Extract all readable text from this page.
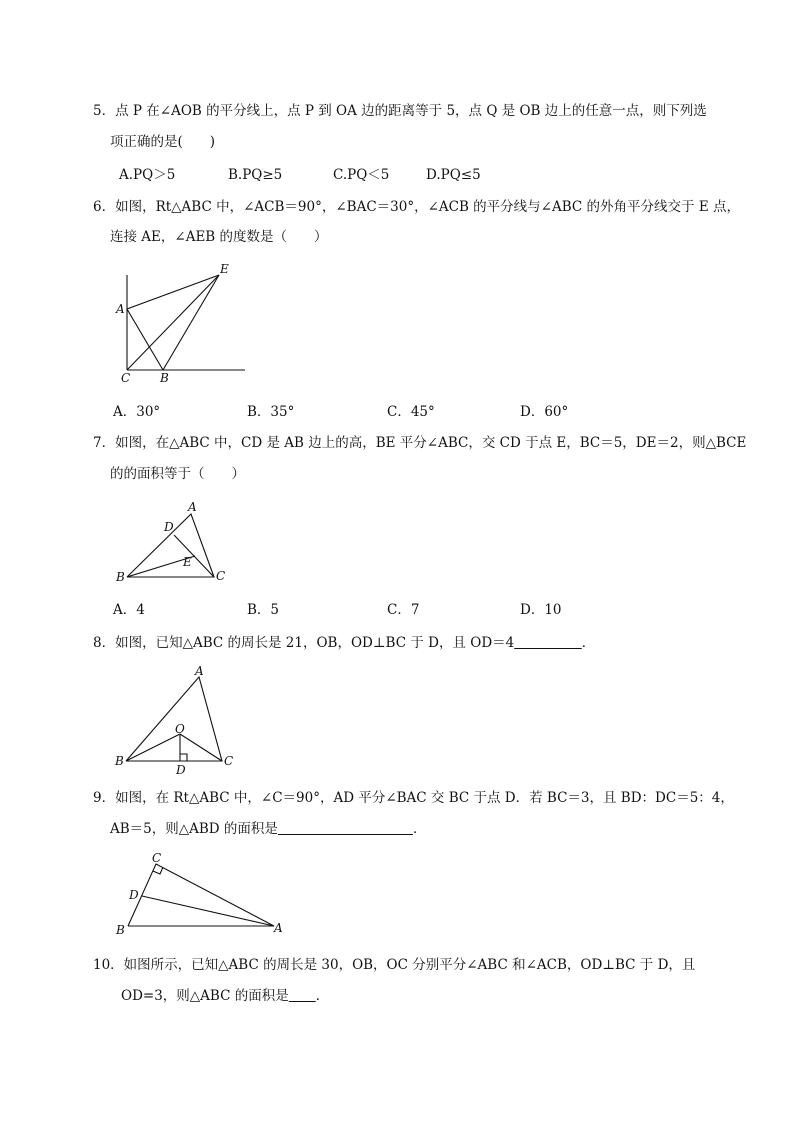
5．点 P 在∠AOB 的平分线上，点 P 到 OA 边的距离等于 5，点 Q 是 OB 边上的任意一点，则下列选
项正确的是(　　)
A.PQ＞5	B.PQ≥5	C.PQ＜5	D.PQ≤5
6．如图，Rt△ABC 中，∠ACB＝90°，∠BAC＝30°，∠ACB 的平分线与∠ABC 的外角平分线交于 E 点，
连接 AE，∠AEB 的度数是（　　）
E
A
C B
A．30°	B．35°	C．45°	D．60°
7．如图，在△ABC 中，CD 是 AB 边上的高，BE 平分∠ABC，交 CD 于点 E，BC＝5，DE＝2，则△BCE
的的面积等于（　　）
A
D
E
B	C
A．4	B．5	C．7	D．10
8．如图，已知△ABC 的周长是 21，OB，OD⊥BC 于 D，且 OD＝4　　　　　	．
A
O
B	C
D
9．如图，在 Rt△ABC 中，∠C＝90°，AD 平分∠BAC 交 BC 于点 D．若 BC＝3，且 BD：DC＝5：4，
AB＝5，则△ABD 的面积是　　　　　　　　　　	．
C
D
B	A
10．如图所示，已知△ABC 的周长是 30，OB，OC 分别平分∠ABC 和∠ACB，OD⊥BC 于 D，且
OD=3，则△ABC 的面积是　　 ．
